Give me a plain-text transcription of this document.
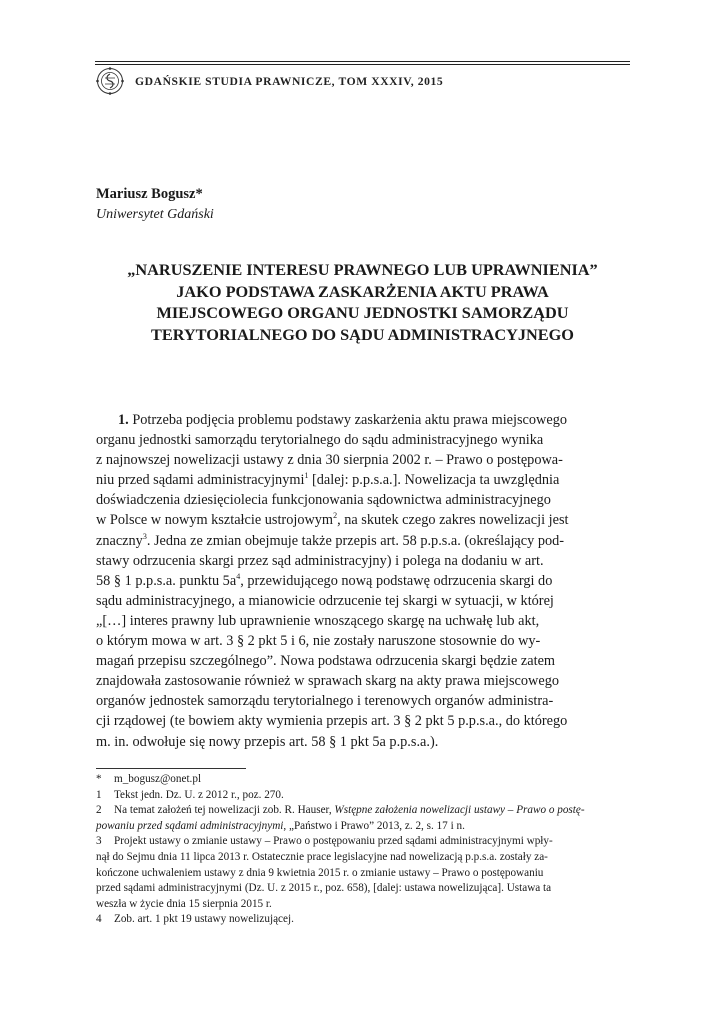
GDAŃSKIE STUDIA PRAWNICZE, TOM XXXIV, 2015
Mariusz Bogusz*
Uniwersytet Gdański
„NARUSZENIE INTERESU PRAWNEGO LUB UPRAWNIENIA”
JAKO PODSTAWA ZASKARŻENIA AKTU PRAWA
MIEJSCOWEGO ORGANU JEDNOSTKI SAMORZĄDU
TERYTORIALNEGO DO SĄDU ADMINISTRACYJNEGO
1. Potrzeba podjęcia problemu podstawy zaskarżenia aktu prawa miejscowego
organu jednostki samorządu terytorialnego do sądu administracyjnego wynika
z najnowszej nowelizacji ustawy z dnia 30 sierpnia 2002 r. – Prawo o postępowa-
niu przed sądami administracyjnymi$^1$ [dalej: p.p.s.a.]. Nowelizacja ta uwzględnia
doświadczenia dziesięciolecia funkcjonowania sądownictwa administracyjnego
w Polsce w nowym kształcie ustrojowym$^2$, na skutek czego zakres nowelizacji jest
znaczny$^3$. Jedna ze zmian obejmuje także przepis art. 58 p.p.s.a. (określający pod-
stawy odrzucenia skargi przez sąd administracyjny) i polega na dodaniu w art.
58 § 1 p.p.s.a. punktu $5a^4$, przewidującego nową podstawę odrzucenia skargi do
sądu administracyjnego, a mianowicie odrzucenie tej skargi w sytuacji, w której
„[…] interes prawny lub uprawnienie wnoszącego skargę na uchwałę lub akt,
o którym mowa w art. 3 § 2 pkt 5 i 6, nie zostały naruszone stosownie do wy-
magań przepisu szczególnego”. Nowa podstawa odrzucenia skargi będzie zatem
znajdowała zastosowanie również w sprawach skarg na akty prawa miejscowego
organów jednostek samorządu terytorialnego i terenowych organów administra-
cji rządowej (te bowiem akty wymienia przepis art. 3 § 2 pkt 5 p.p.s.a., do którego
m. in. odwołuje się nowy przepis art. 58 § 1 pkt 5a p.p.s.a.).
* m_bogusz@onet.pl
1 Tekst jedn. Dz. U. z 2012 r., poz. 270.
2 Na temat założeń tej nowelizacji zob. R. Hauser, Wstępne założenia nowelizacji ustawy – Prawo o postę-
powaniu przed sądami administracyjnymi, „Państwo i Prawo” 2013, z. 2, s. 17 i n.
3 Projekt ustawy o zmianie ustawy – Prawo o postępowaniu przed sądami administracyjnymi wpły-
nął do Sejmu dnia 11 lipca 2013 r. Ostatecznie prace legislacyjne nad nowelizacją p.p.s.a. zostały za-
kończone uchwaleniem ustawy z dnia 9 kwietnia 2015 r. o zmianie ustawy – Prawo o postępowaniu
przed sądami administracyjnymi (Dz. U. z 2015 r., poz. 658), [dalej: ustawa nowelizująca]. Ustawa ta
weszła w życie dnia 15 sierpnia 2015 r.
4 Zob. art. 1 pkt 19 ustawy nowelizującej.
